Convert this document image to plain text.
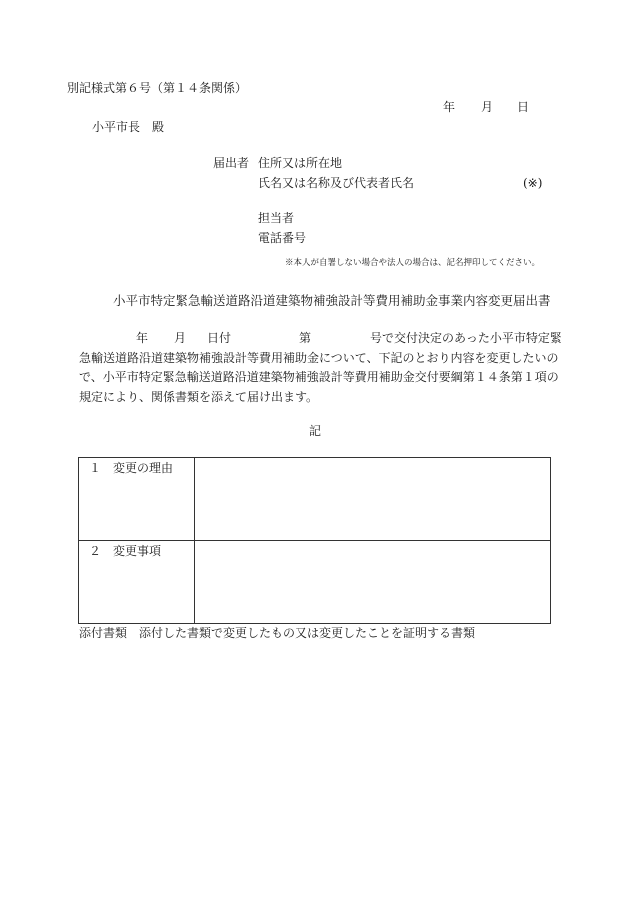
別記様式第６号（第１４条関係）
年 月 日
小平市長　殿
届出者 住所又は所在地
氏名又は名称及び代表者氏名	(※)
担当者
電話番号
※本人が自署しない場合や法人の場合は、記名押印してください。
小平市特定緊急輸送道路沿道建築物補強設計等費用補助金事業内容変更届出書
年 月 日付	第	号で交付決定のあった小平市特定緊
急輸送道路沿道建築物補強設計等費用補助金について、下記のとおり内容を変更したいの
で、小平市特定緊急輸送道路沿道建築物補強設計等費用補助金交付要綱第１４条第１項の
規定により、関係書類を添えて届け出ます。
記
１　変更の理由	
２　変更事項	
添付書類　添付した書類で変更したもの又は変更したことを証明する書類
